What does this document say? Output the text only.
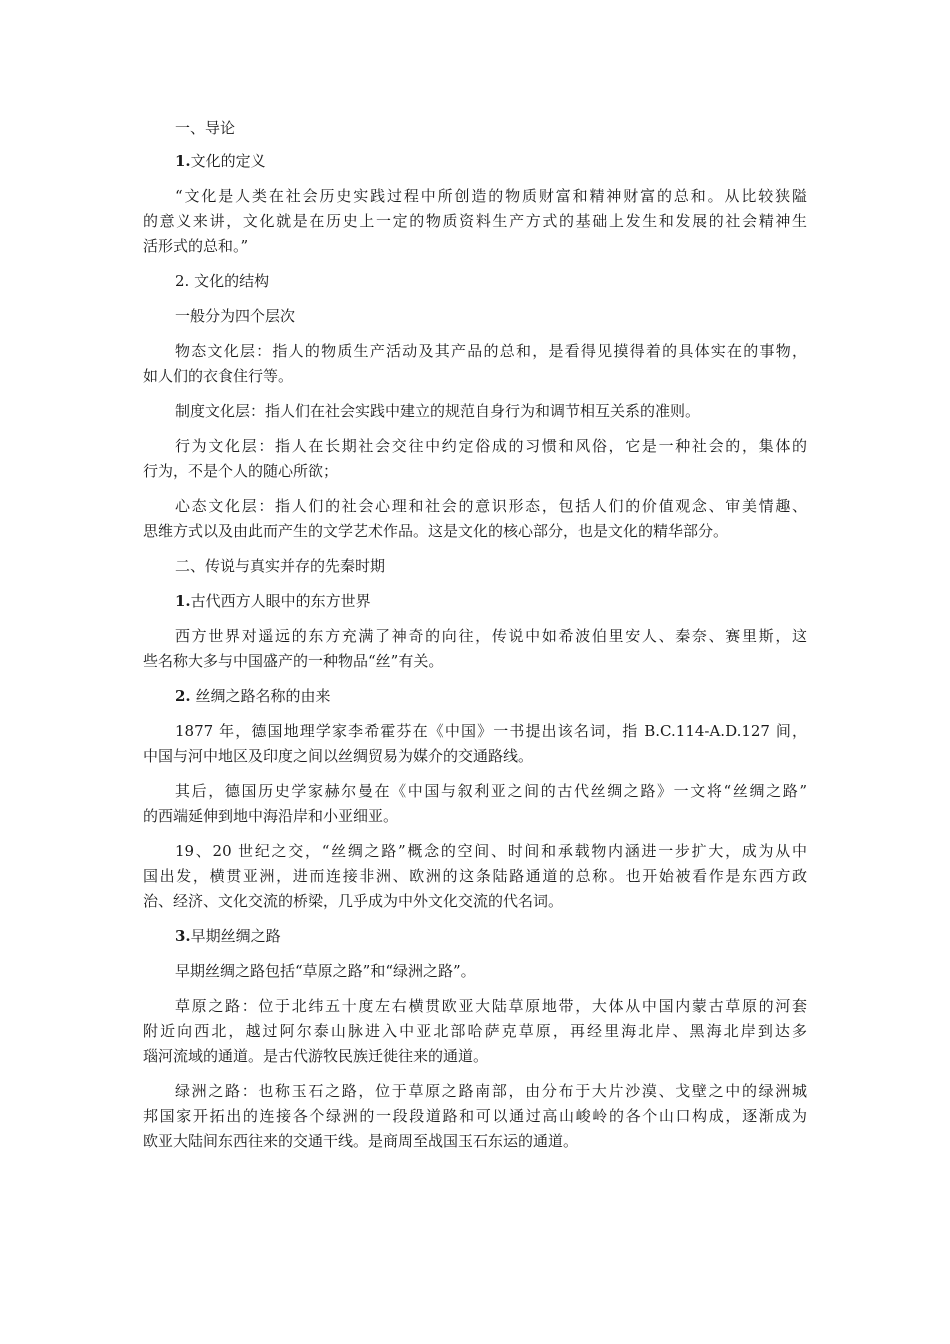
一、导论

1.文化的定义

“文化是人类在社会历史实践过程中所创造的物质财富和精神财富的总和。从比较狭隘

的意义来讲，文化就是在历史上一定的物质资料生产方式的基础上发生和发展的社会精神生

活形式的总和。”

2. 文化的结构

一般分为四个层次

物态文化层：指人的物质生产活动及其产品的总和，是看得见摸得着的具体实在的事物，

如人们的衣食住行等。

制度文化层：指人们在社会实践中建立的规范自身行为和调节相互关系的准则。

行为文化层：指人在长期社会交往中约定俗成的习惯和风俗，它是一种社会的，集体的

行为，不是个人的随心所欲；

心态文化层：指人们的社会心理和社会的意识形态，包括人们的价值观念、审美情趣、

思维方式以及由此而产生的文学艺术作品。这是文化的核心部分，也是文化的精华部分。

二、传说与真实并存的先秦时期

1.古代西方人眼中的东方世界

西方世界对遥远的东方充满了神奇的向往，传说中如希波伯里安人、秦奈、赛里斯，这

些名称大多与中国盛产的一种物品“丝”有关。

2. 丝绸之路名称的由来

1877 年，德国地理学家李希霍芬在《中国》一书提出该名词，指 B.C.114-A.D.127 间，

中国与河中地区及印度之间以丝绸贸易为媒介的交通路线。

其后，德国历史学家赫尔曼在《中国与叙利亚之间的古代丝绸之路》一文将“丝绸之路”

的西端延伸到地中海沿岸和小亚细亚。

19、20 世纪之交，“丝绸之路”概念的空间、时间和承载物内涵进一步扩大，成为从中

国出发，横贯亚洲，进而连接非洲、欧洲的这条陆路通道的总称。也开始被看作是东西方政

治、经济、文化交流的桥梁，几乎成为中外文化交流的代名词。

3.早期丝绸之路

早期丝绸之路包括“草原之路”和“绿洲之路”。

草原之路：位于北纬五十度左右横贯欧亚大陆草原地带，大体从中国内蒙古草原的河套

附近向西北，越过阿尔泰山脉进入中亚北部哈萨克草原，再经里海北岸、黑海北岸到达多

瑙河流域的通道。是古代游牧民族迁徙往来的通道。

绿洲之路：也称玉石之路，位于草原之路南部，由分布于大片沙漠、戈壁之中的绿洲城

邦国家开拓出的连接各个绿洲的一段段道路和可以通过高山峻岭的各个山口构成，逐渐成为

欧亚大陆间东西往来的交通干线。是商周至战国玉石东运的通道。
